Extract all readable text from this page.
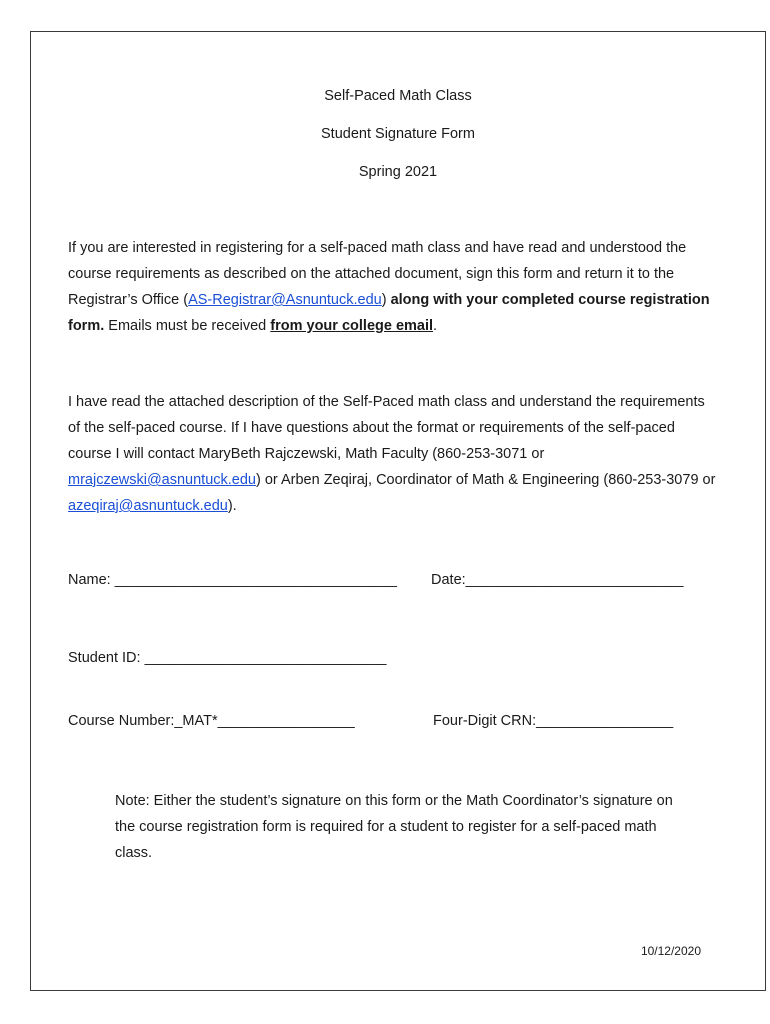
Self-Paced Math Class

Student Signature Form

Spring 2021

If you are interested in registering for a self-paced math class and have read and understood the course requirements as described on the attached document, sign this form and return it to the Registrar’s Office (AS-Registrar@Asnuntuck.edu) along with your completed course registration form. Emails must be received from your college email.

I have read the attached description of the Self-Paced math class and understand the requirements of the self-paced course. If I have questions about the format or requirements of the self-paced course I will contact MaryBeth Rajczewski, Math Faculty (860-253-3071 or mrajczewski@asnuntuck.edu) or Arben Zeqiraj, Coordinator of Math & Engineering (860-253-3079 or azeqiraj@asnuntuck.edu).

Name: ___________________________________ Date:___________________________

Student ID: ______________________________

Course Number:_MAT*_________________	Four-Digit CRN:_________________

Note: Either the student’s signature on this form or the Math Coordinator’s signature on the course registration form is required for a student to register for a self-paced math class.

10/12/2020
